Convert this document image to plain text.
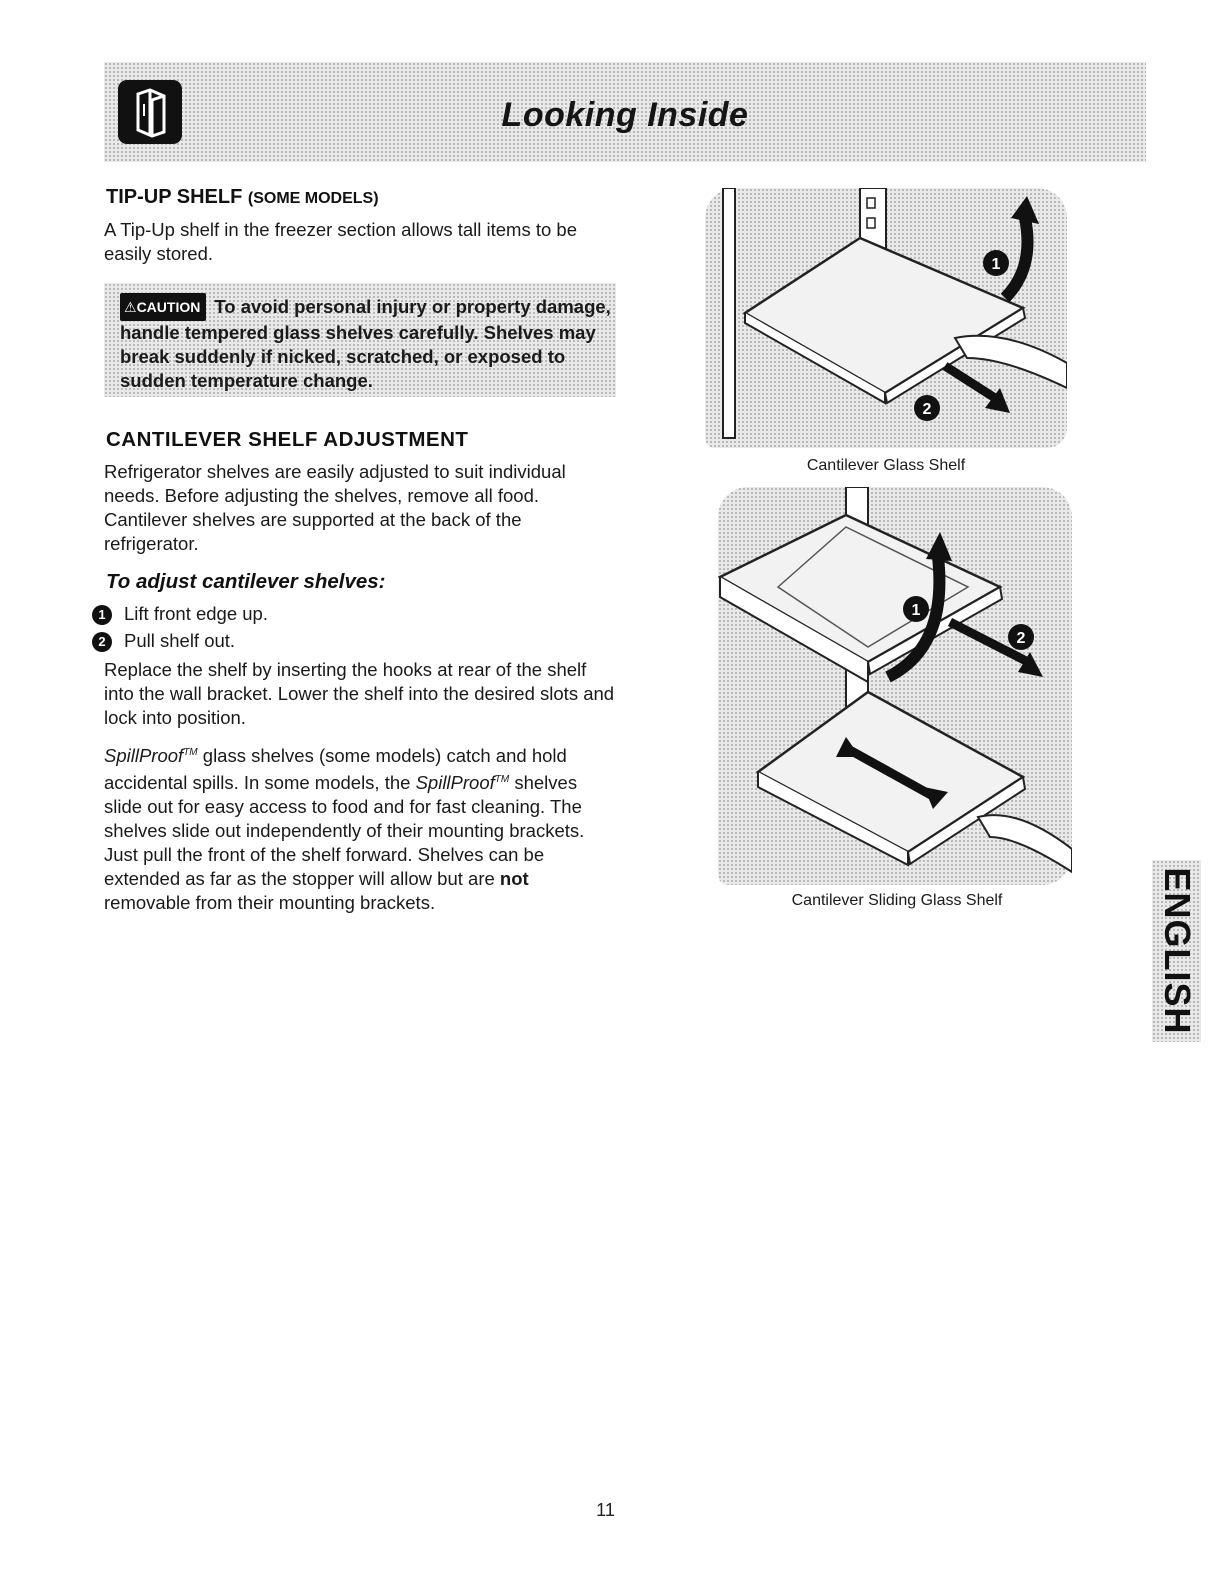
Looking Inside
TIP-UP SHELF (SOME MODELS)

A Tip-Up shelf in the freezer section allows tall items to be easily stored.

⚠CAUTION To avoid personal injury or property damage, handle tempered glass shelves carefully. Shelves may break suddenly if nicked, scratched, or exposed to sudden temperature change.
CANTILEVER SHELF ADJUSTMENT

Refrigerator shelves are easily adjusted to suit individual needs. Before adjusting the shelves, remove all food. Cantilever shelves are supported at the back of the refrigerator.

To adjust cantilever shelves:
1 Lift front edge up.
2 Pull shelf out.

Replace the shelf by inserting the hooks at rear of the shelf into the wall bracket. Lower the shelf into the desired slots and lock into position.

SpillProof™ glass shelves (some models) catch and hold accidental spills. In some models, the SpillProof™ shelves slide out for easy access to food and for fast cleaning. The shelves slide out independently of their mounting brackets. Just pull the front of the shelf forward. Shelves can be extended as far as the stopper will allow but are not removable from their mounting brackets.

1
2
Cantilever Glass Shelf
1
2
Cantilever Sliding Glass Shelf	ENGLISH
11
